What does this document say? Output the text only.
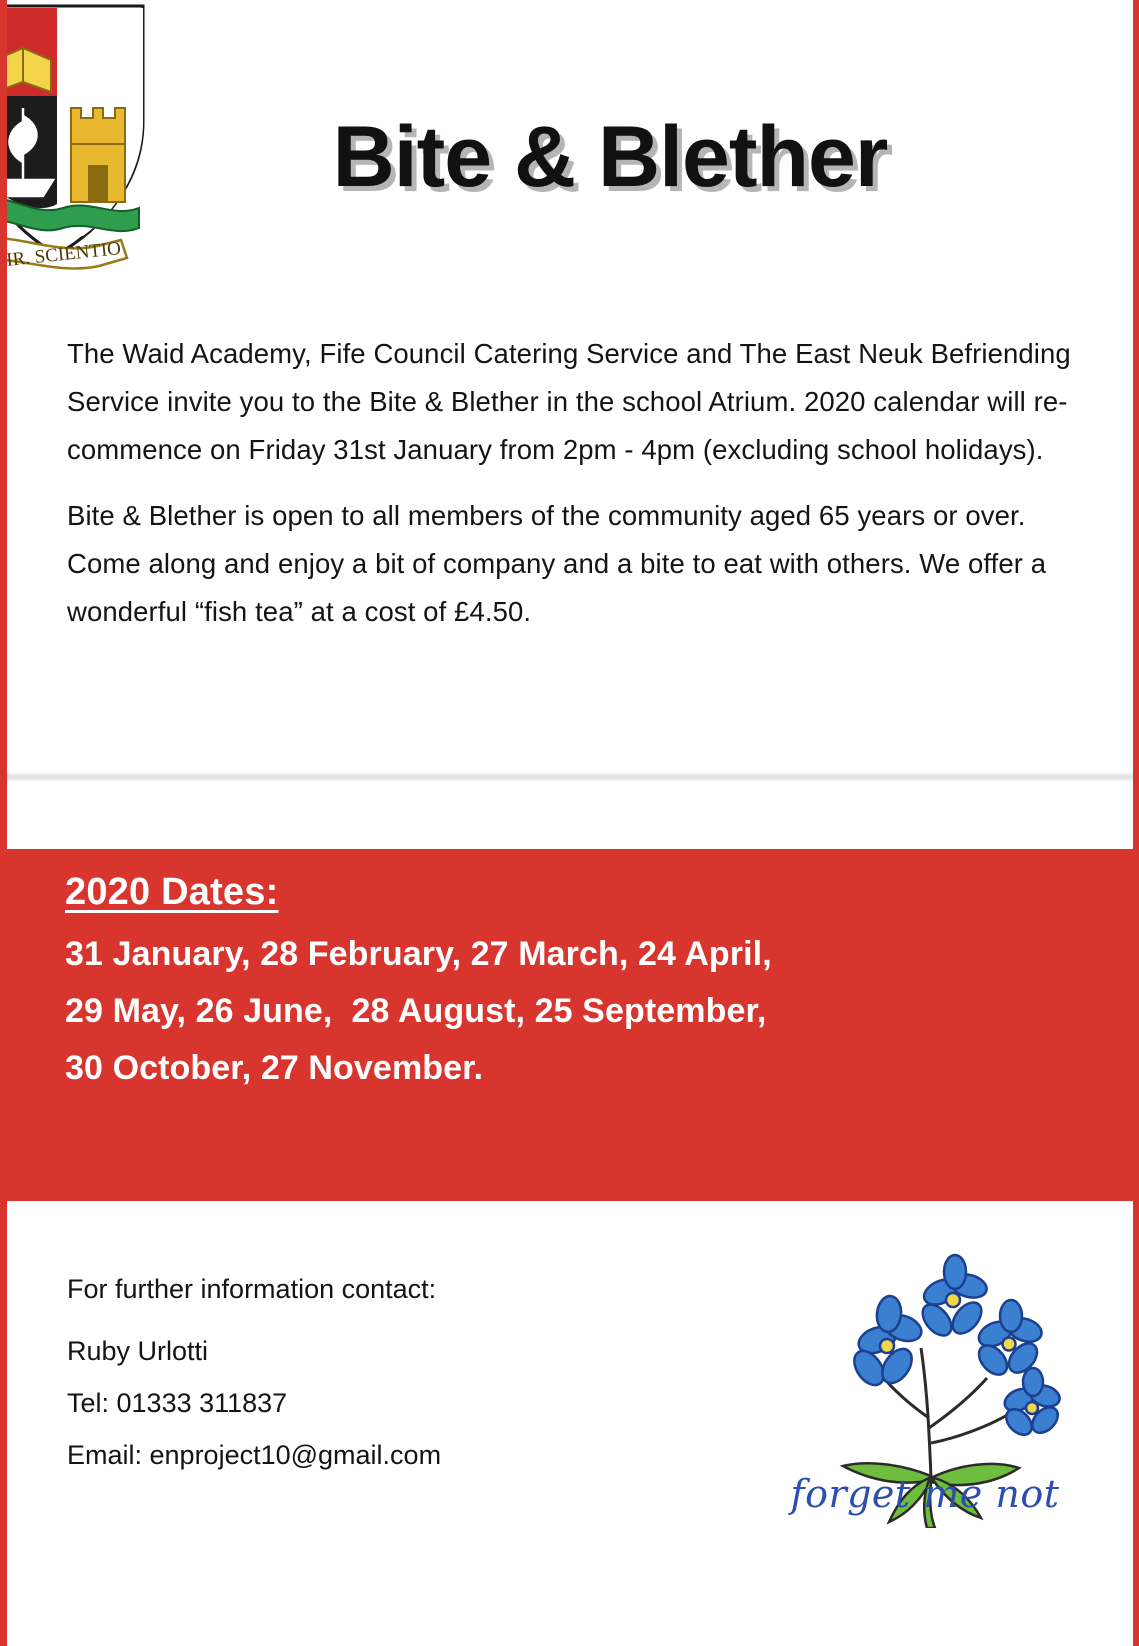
IR. SCIENTIO
Bite & Blether

The Waid Academy, Fife Council Catering Service and The East Neuk Befriending Service invite you to the Bite & Blether in the school Atrium. 2020 calendar will re-commence on Friday 31st January from 2pm - 4pm (excluding school holidays).

Bite & Blether is open to all members of the community aged 65 years or over. Come along and enjoy a bit of company and a bite to eat with others. We offer a wonderful “fish tea” at a cost of £4.50.

2020 Dates:
31 January, 28 February, 27 March, 24 April,
29 May, 26 June,  28 August, 25 September,
30 October, 27 November.
For further information contact:
Ruby Urlotti
Tel: 01333 311837
Email: enproject10@gmail.com
forget me not
